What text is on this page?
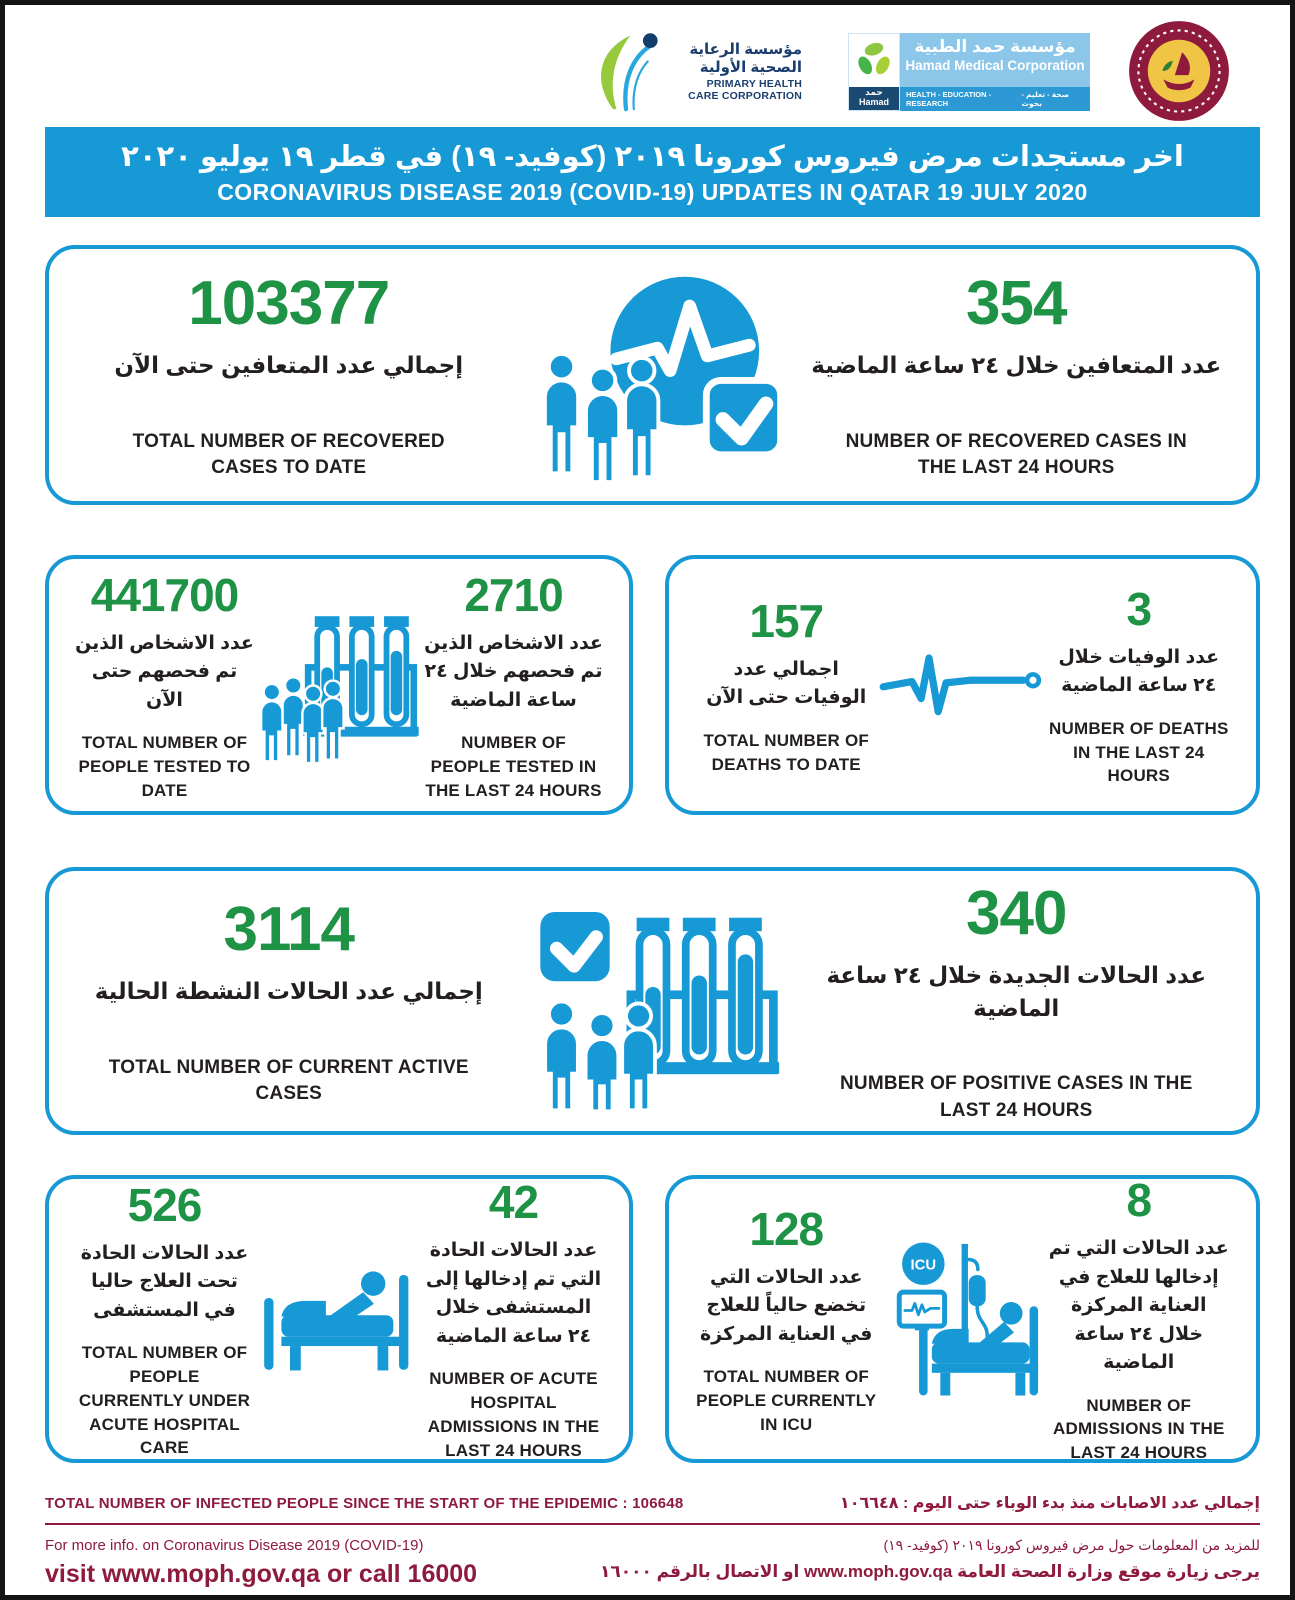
مؤسسة الرعاية الصحية الأولية
PRIMARY HEALTH CARE CORPORATION	حمد
Hamad
مؤسسة حمد الطبية
Hamad Medical Corporation
HEALTH - EDUCATION - RESEARCH
صحة - تعليم - بحوث
اخر مستجدات مرض فيروس كورونا ٢٠١٩ (كوفيد- ١٩) في قطر ١٩ يوليو ٢٠٢٠
CORONAVIRUS DISEASE 2019 (COVID-19) UPDATES IN QATAR 19 JULY 2020
103377
إجمالي عدد المتعافين حتى الآن
TOTAL NUMBER OF RECOVERED CASES TO DATE
354
عدد المتعافين خلال ٢٤ ساعة الماضية
NUMBER OF RECOVERED CASES IN THE LAST 24 HOURS
441700
عدد الاشخاص الذين تم فحصهم حتى الآن
TOTAL NUMBER OF PEOPLE TESTED TO DATE
2710
عدد الاشخاص الذين تم فحصهم خلال ٢٤ ساعة الماضية
NUMBER OF PEOPLE TESTED IN THE LAST 24 HOURS
157
اجمالي عدد الوفيات حتى الآن
TOTAL NUMBER OF DEATHS TO DATE
3
عدد الوفيات خلال ٢٤ ساعة الماضية
NUMBER OF DEATHS IN THE LAST 24 HOURS
3114
إجمالي عدد الحالات النشطة الحالية
TOTAL NUMBER OF CURRENT ACTIVE CASES
340
عدد الحالات الجديدة خلال ٢٤ ساعة الماضية
NUMBER OF POSITIVE CASES IN THE LAST 24 HOURS
526
عدد الحالات الحادة تحت العلاج حاليا في المستشفى
TOTAL NUMBER OF PEOPLE CURRENTLY UNDER ACUTE HOSPITAL CARE
42
عدد الحالات الحادة التي تم إدخالها إلى المستشفى خلال ٢٤ ساعة الماضية
NUMBER OF ACUTE HOSPITAL ADMISSIONS IN THE LAST 24 HOURS
128
عدد الحالات التي تخضع حالياً للعلاج في العناية المركزة
TOTAL NUMBER OF PEOPLE CURRENTLY IN ICU
ICU
8
عدد الحالات التي تم إدخالها للعلاج في العناية المركزة خلال ٢٤ ساعة الماضية
NUMBER OF ADMISSIONS IN THE LAST 24 HOURS
TOTAL NUMBER OF INFECTED PEOPLE SINCE THE START OF THE EPIDEMIC : 106648	إجمالي عدد الاصابات منذ بدء الوباء حتى اليوم : ١٠٦٦٤٨
For more info. on Coronavirus Disease 2019 (COVID-19)
visit www.moph.gov.qa or call 16000
للمزيد من المعلومات حول مرض فيروس كورونا ٢٠١٩ (كوفيد- ١٩)
يرجى زيارة موقع وزارة الصحة العامة www.moph.gov.qa او الاتصال بالرقم ١٦٠٠٠
